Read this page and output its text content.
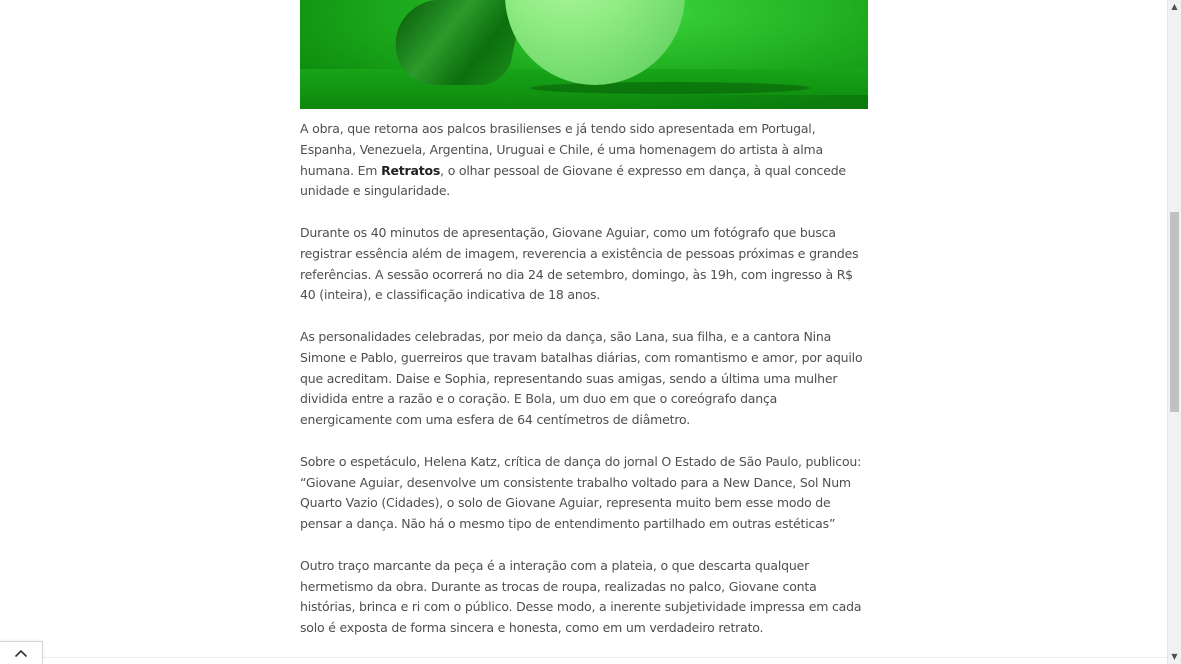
A obra, que retorna aos palcos brasilienses e já tendo sido apresentada em Portugal, Espanha, Venezuela, Argentina, Uruguai e Chile, é uma homenagem do artista à alma humana. Em Retratos, o olhar pessoal de Giovane é expresso em dança, à qual concede unidade e singularidade.

Durante os 40 minutos de apresentação, Giovane Aguiar, como um fotógrafo que busca registrar essência além de imagem, reverencia a existência de pessoas próximas e grandes referências. A sessão ocorrerá no dia 24 de setembro, domingo, às 19h, com ingresso à R$ 40 (inteira), e classificação indicativa de 18 anos.

As personalidades celebradas, por meio da dança, são Lana, sua filha, e a cantora Nina Simone e Pablo, guerreiros que travam batalhas diárias, com romantismo e amor, por aquilo que acreditam. Daise e Sophia, representando suas amigas, sendo a última uma mulher dividida entre a razão e o coração. E Bola, um duo em que o coreógrafo dança energicamente com uma esfera de 64 centímetros de diâmetro.

Sobre o espetáculo, Helena Katz, crítica de dança do jornal O Estado de São Paulo, publicou: “Giovane Aguiar, desenvolve um consistente trabalho voltado para a New Dance, Sol Num Quarto Vazio (Cidades), o solo de Giovane Aguiar, representa muito bem esse modo de pensar a dança. Não há o mesmo tipo de entendimento partilhado em outras estéticas”

Outro traço marcante da peça é a interação com a plateia, o que descarta qualquer hermetismo da obra. Durante as trocas de roupa, realizadas no palco, Giovane conta histórias, brinca e ri com o público. Desse modo, a inerente subjetividade impressa em cada solo é exposta de forma sincera e honesta, como em um verdadeiro retrato.

▲
▼
